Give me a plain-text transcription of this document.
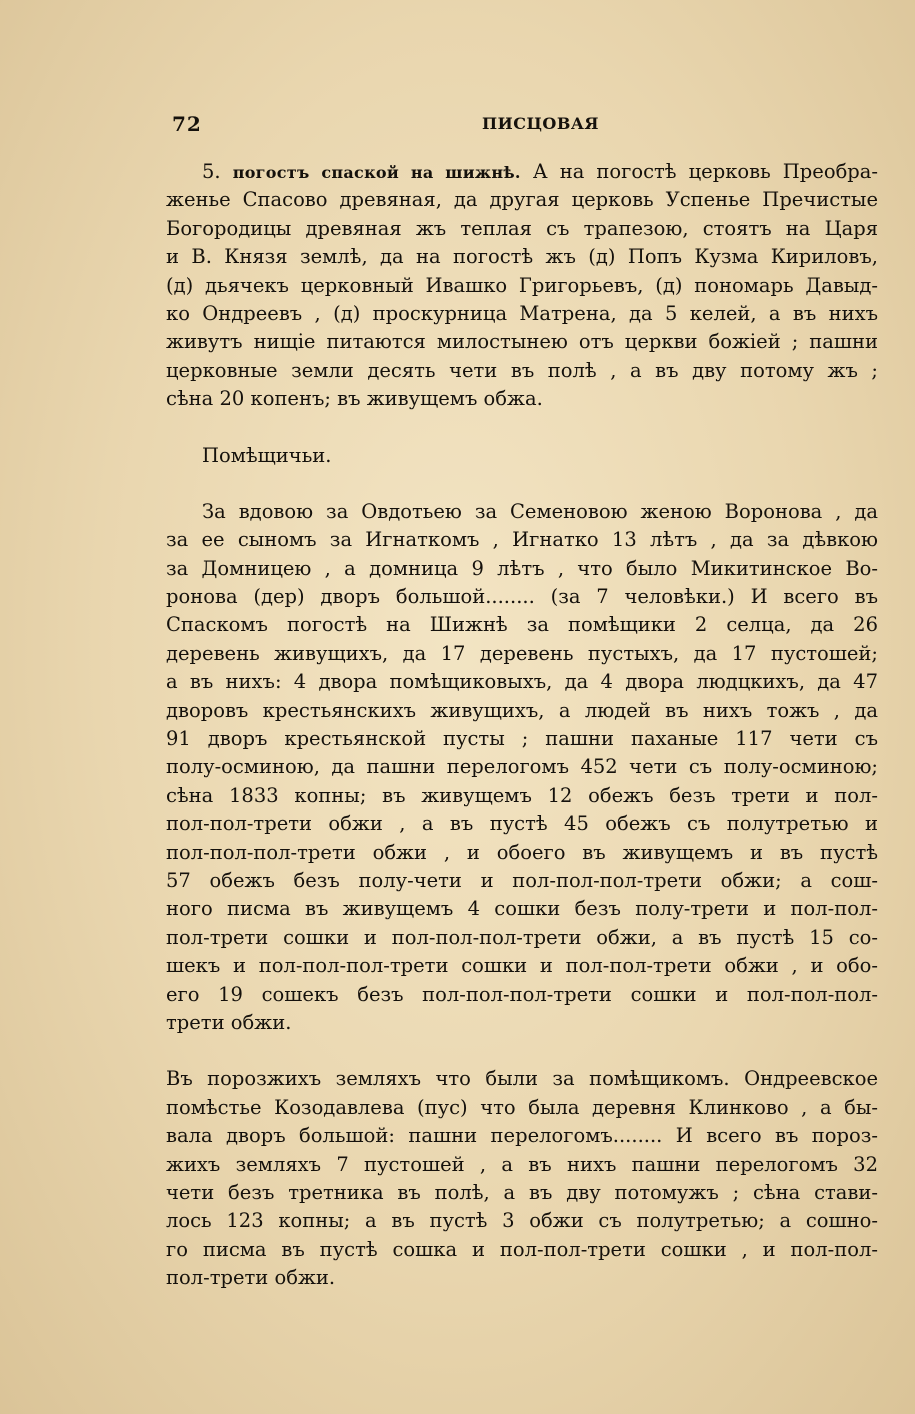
72	ПИСЦОВАЯ
5. погостъ спаской на шижнѣ. А на погостѣ церковь Преобра-
женье Спасово древяная, да другая церковь Успенье Пречистые
Богородицы древяная жъ теплая съ трапезою, стоятъ на Царя
и В. Князя землѣ, да на погостѣ жъ (д) Попъ Кузма Кириловъ,
(д) дьячекъ церковный Ивашко Григорьевъ, (д) пономарь Давыд-
ко Ондреевъ , (д) проскурница Матрена, да 5 келей, а въ нихъ
живутъ нищіе питаются милостынею отъ церкви божіей ; пашни
церковные земли десять чети въ полѣ , а въ дву потому жъ ;
сѣна 20 копенъ; въ живущемъ обжа.
Помѣщичьи.
За вдовою за Овдотьею за Семеновою женою Воронова , да
за ее сыномъ за Игнаткомъ , Игнатко 13 лѣтъ , да за дѣвкою
за Домницею , а домница 9 лѣтъ , что было Микитинское Во-
ронова (дер) дворъ большой........ (за 7 человѣки.) И всего въ
Спаскомъ погостѣ на Шижнѣ за помѣщики 2 селца, да 26
деревень живущихъ, да 17 деревень пустыхъ, да 17 пустошей;
а въ нихъ: 4 двора помѣщиковыхъ, да 4 двора людцкихъ, да 47
дворовъ крестьянскихъ живущихъ, а людей въ нихъ тожъ , да
91 дворъ крестьянской пусты ; пашни паханые 117 чети съ
полу-осминою, да пашни перелогомъ 452 чети съ полу-осминою;
сѣна 1833 копны; въ живущемъ 12 обежъ безъ трети и пол-
пол-пол-трети обжи , а въ пустѣ 45 обежъ съ полутретью и
пол-пол-пол-трети обжи , и обоего въ живущемъ и въ пустѣ
57 обежъ безъ полу-чети и пол-пол-пол-трети обжи; а сош-
ного писма въ живущемъ 4 сошки безъ полу-трети и пол-пол-
пол-трети сошки и пол-пол-пол-трети обжи, а въ пустѣ 15 со-
шекъ и пол-пол-пол-трети сошки и пол-пол-трети обжи , и обо-
его 19 сошекъ безъ пол-пол-пол-трети сошки и пол-пол-пол-
трети обжи.
Въ порозжихъ земляхъ что были за помѣщикомъ. Ондреевское
помѣстье Козодавлева (пус) что была деревня Клинково , а бы-
вала дворъ большой: пашни перелогомъ........ И всего въ пороз-
жихъ земляхъ 7 пустошей , а въ нихъ пашни перелогомъ 32
чети безъ третника въ полѣ, а въ дву потомужъ ; сѣна стави-
лось 123 копны; а въ пустѣ 3 обжи съ полутретью; а сошно-
го писма въ пустѣ сошка и пол-пол-трети сошки , и пол-пол-
пол-трети обжи.
